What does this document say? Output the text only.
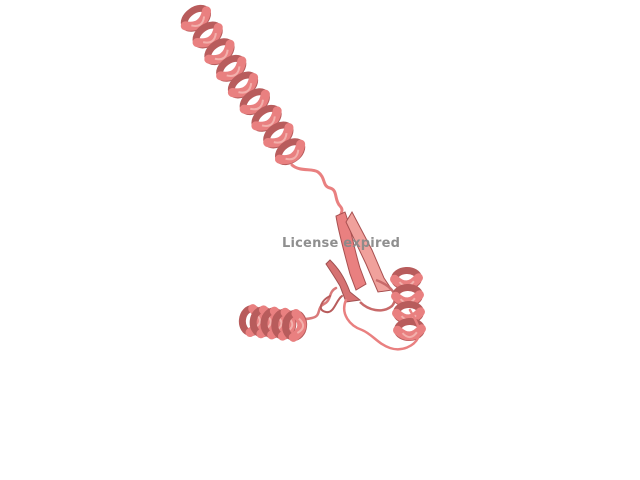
License expired
